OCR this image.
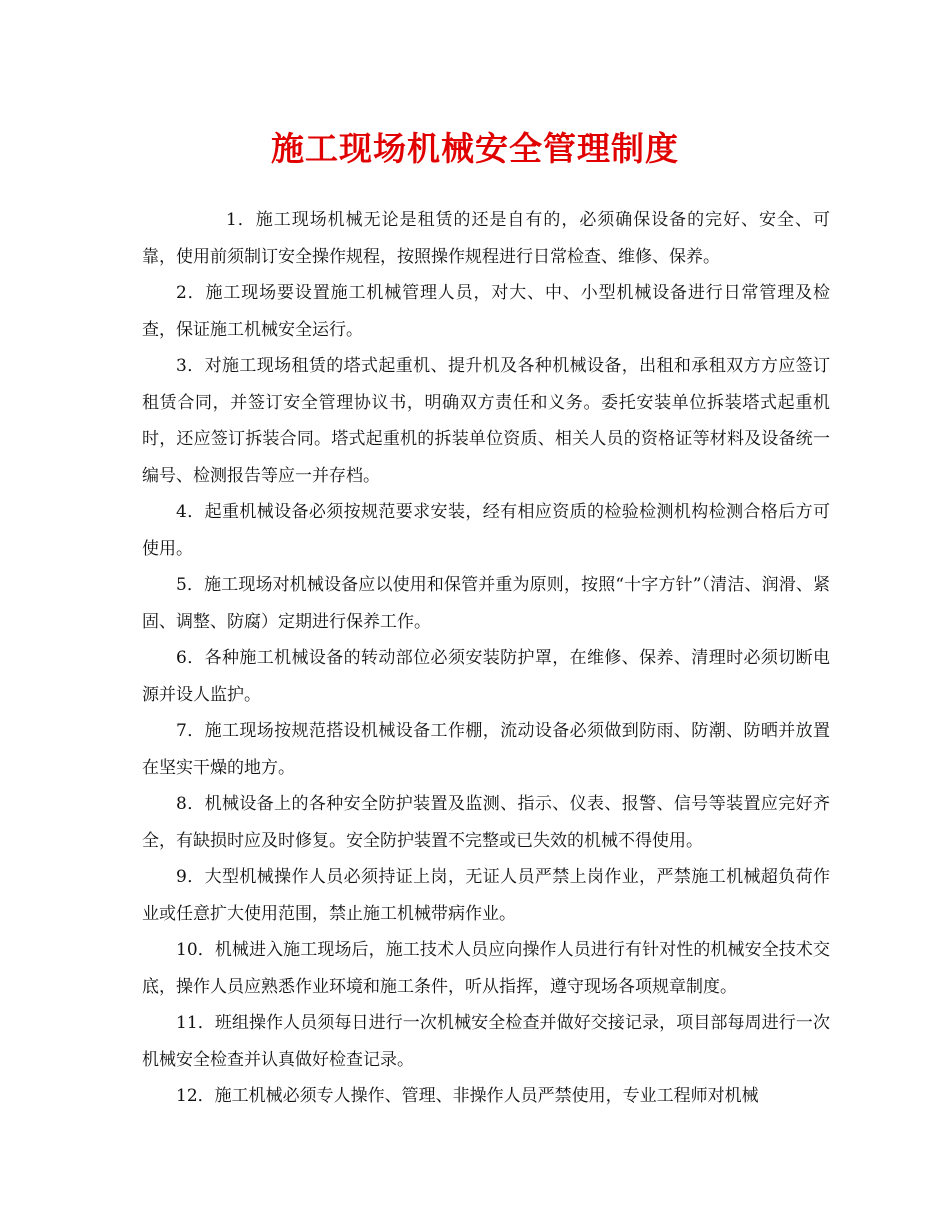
施工现场机械安全管理制度

1．施工现场机械无论是租赁的还是自有的，必须确保设备的完好、安全、可靠，使用前须制订安全操作规程，按照操作规程进行日常检查、维修、保养。

2．施工现场要设置施工机械管理人员，对大、中、小型机械设备进行日常管理及检查，保证施工机械安全运行。

3．对施工现场租赁的塔式起重机、提升机及各种机械设备，出租和承租双方方应签订租赁合同，并签订安全管理协议书，明确双方责任和义务。委托安装单位拆装塔式起重机时，还应签订拆装合同。塔式起重机的拆装单位资质、相关人员的资格证等材料及设备统一编号、检测报告等应一并存档。

4．起重机械设备必须按规范要求安装，经有相应资质的检验检测机构检测合格后方可使用。

5．施工现场对机械设备应以使用和保管并重为原则，按照“十字方针”（清洁、润滑、紧固、调整、防腐）定期进行保养工作。

6．各种施工机械设备的转动部位必须安装防护罩，在维修、保养、清理时必须切断电源并设人监护。

7．施工现场按规范搭设机械设备工作棚，流动设备必须做到防雨、防潮、防晒并放置在坚实干燥的地方。

8．机械设备上的各种安全防护装置及监测、指示、仪表、报警、信号等装置应完好齐全，有缺损时应及时修复。安全防护装置不完整或已失效的机械不得使用。

9．大型机械操作人员必须持证上岗，无证人员严禁上岗作业，严禁施工机械超负荷作业或任意扩大使用范围，禁止施工机械带病作业。

10．机械进入施工现场后，施工技术人员应向操作人员进行有针对性的机械安全技术交底，操作人员应熟悉作业环境和施工条件，听从指挥，遵守现场各项规章制度。

11．班组操作人员须每日进行一次机械安全检查并做好交接记录，项目部每周进行一次机械安全检查并认真做好检查记录。

12．施工机械必须专人操作、管理、非操作人员严禁使用，专业工程师对机械
